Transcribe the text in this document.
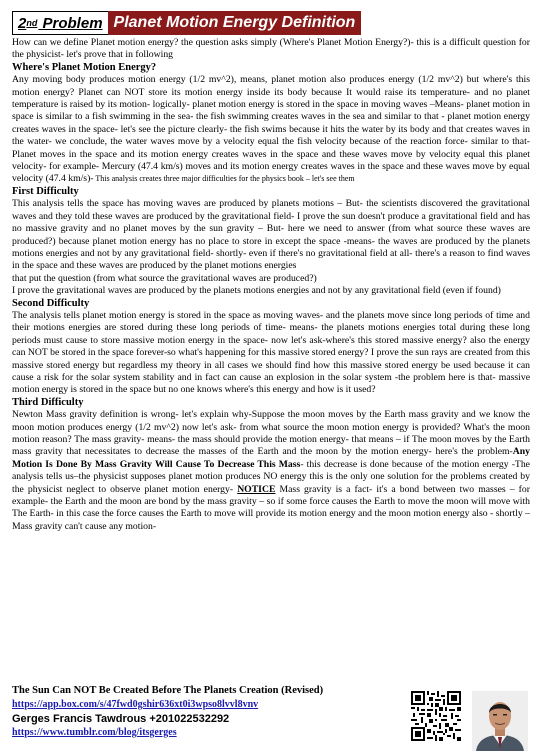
2 nd
Problem Planet Motion Energy Definition

How can we define Planet motion energy? the question asks simply (Where's Planet Motion Energy?)- this is a difficult question for the physicist- let's prove that in following

Where's Planet Motion Energy?

Any moving body produces motion energy (1/2 mv^2), means, planet motion also produces energy (1/2 mv^2) but where's this motion energy? Planet can NOT store its motion energy inside its body because It would raise its temperature- and no planet temperature is raised by its motion- logically- planet motion energy is stored in the space in moving waves –Means- planet motion in space is similar to a fish swimming in the sea- the fish swimming creates waves in the sea and similar to that - planet motion energy creates waves in the space- let's see the picture clearly- the fish swims because it hits the water by its body and that creates waves in the water- we conclude, the water waves move by a velocity equal the fish velocity because of the reaction force- similar to that- Planet moves in the space and its motion energy creates waves in the space and these waves move by velocity equal this planet velocity- for example- Mercury (47.4 km/s) moves and its motion energy creates waves in the space and these waves move by equal velocity (47.4 km/s)- This analysis creates three major difficulties for the physics book – let's see them

First Difficulty

This analysis tells the space has moving waves are produced by planets motions – But- the scientists discovered the gravitational waves and they told these waves are produced by the gravitational field- I prove the sun doesn't produce a gravitational field and has no massive gravity and no planet moves by the sun gravity – But- here we need to answer (from what source these waves are produced?) because planet motion energy has no place to store in except the space -means- the waves are produced by the planets motions energies and not by any gravitational field- shortly- even if there's no gravitational field at all- there's a reason to find waves in the space and these waves are produced by the planet motions energies

that put the question (from what source the gravitational waves are produced?)

I prove the gravitational waves are produced by the planets motions energies and not by any gravitational field (even if found)

Second Difficulty

The analysis tells planet motion energy is stored in the space as moving waves- and the planets move since long periods of time and their motions energies are stored during these long periods of time- means- the planets motions energies total during these long periods must cause to store massive motion energy in the space- now let's ask-where's this stored massive energy? also the energy can NOT be stored in the space forever-so what's happening for this massive stored energy? I prove the sun rays are created from this massive stored energy but regardless my theory in all cases we should find how this massive stored energy be used because it can cause a risk for the solar system stability and in fact can cause an explosion in the solar system -the problem here is that- massive motion energy is stored in the space but no one knows where's this energy and how is it used?

Third Difficulty

Newton Mass gravity definition is wrong- let's explain why-Suppose the moon moves by the Earth mass gravity and we know the moon motion produces energy (1/2 mv^2) now let's ask- from what source the moon motion energy is provided? What's the moon motion reason? The mass gravity- means- the mass should provide the motion energy- that means – if The moon moves by the Earth mass gravity that necessitates to decrease the masses of the Earth and the moon by the motion energy- here's the problem-Any Motion Is Done By Mass Gravity Will Cause To Decrease This Mass- this decrease is done because of the motion energy -The analysis tells us–the physicist supposes planet motion produces NO energy this is the only one solution for the problems created by the physicist neglect to observe planet motion energy- NOTICE Mass gravity is a fact- it's a bond between two masses – for example- the Earth and the moon are bond by the mass gravity – so if some force causes the Earth to move the moon will move with The Earth- in this case the force causes the Earth to move will provide its motion energy and the moon motion energy also - shortly – Mass gravity can't cause any motion-

The Sun Can NOT Be Created Before The Planets Creation (Revised)
https://app.box.com/s/47fwd0gshir636xt0i3wpso8lvvl8vnv
Gerges Francis Tawdrous +201022532292
https://www.tumblr.com/blog/itsgerges
